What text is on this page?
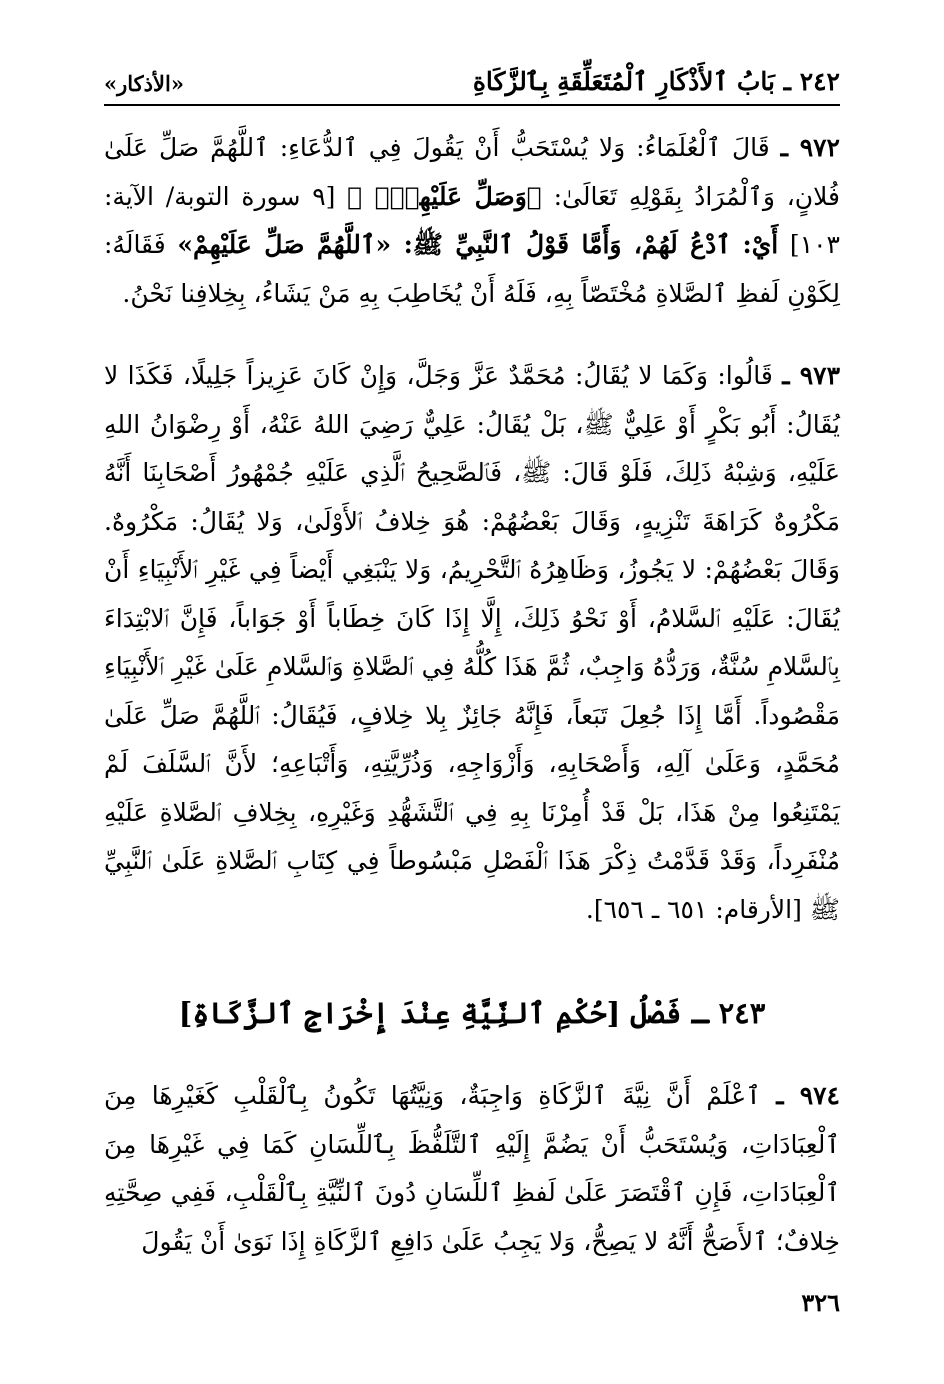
٢٤٢ ـ بَابُ ٱلأَذْكَارِ ٱلْمُتَعَلِّقَةِ بِٱلزَّكَاةِ
«الأذكار»

٩٧٢ ـ قَالَ ٱلْعُلَمَاءُ: وَلا يُسْتَحَبُّ أَنْ يَقُولَ فِي ٱلدُّعَاءِ: ٱللَّهُمَّ صَلِّ عَلَىٰ فُلانٍ، وَٱلْمُرَادُ بِقَوْلِهِ تَعَالَىٰ: ﴿وَصَلِّ عَلَيْهِمْۖ ﴾ [٩ سورة التوبة/ الآية: ١٠٣] أَيْ: ٱدْعُ لَهُمْ، وَأَمَّا قَوْلُ ٱلنَّبِيِّ ﷺ: «ٱللَّهُمَّ صَلِّ عَلَيْهِمْ» فَقَالَهُ: لِكَوْنِ لَفظِ ٱلصَّلاةِ مُخْتَصّاً بِهِ، فَلَهُ أَنْ يُخَاطِبَ بِهِ مَنْ يَشَاءُ، بِخِلافِنا نَحْنُ.

٩٧٣ ـ قَالُوا: وَكَمَا لا يُقَالُ: مُحَمَّدٌ عَزَّ وَجَلَّ، وَإِنْ كَانَ عَزِيزاً جَلِيلًا، فَكَذَا لا يُقَالُ: أَبُو بَكْرٍ أَوْ عَلِيٌّ ﷺ، بَلْ يُقَالُ: عَلِيٌّ رَضِيَ اللهُ عَنْهُ، أَوْ رِضْوَانُ اللهِ عَلَيْهِ، وَشِبْهُ ذَلِكَ، فَلَوْ قَالَ: ﷺ، فَٱلصَّحِيحُ ٱلَّذِي عَلَيْهِ جُمْهُورُ أَصْحَابِنَا أَنَّهُ مَكْرُوهٌ كَرَاهَةَ تَنْزِيهٍ، وَقَالَ بَعْضُهُمْ: هُوَ خِلافُ ٱلأَوْلَىٰ، وَلا يُقَالُ: مَكْرُوهٌ. وَقَالَ بَعْضُهُمْ: لا يَجُوزُ، وَظَاهِرُهُ ٱلتَّحْرِيمُ، وَلا يَنْبَغِي أَيْضاً فِي غَيْرِ ٱلأَنْبِيَاءِ أَنْ يُقَالَ: عَلَيْهِ ٱلسَّلامُ، أَوْ نَحْوُ ذَلِكَ، إِلَّا إِذَا كَانَ خِطَاباً أَوْ جَوَاباً، فَإِنَّ ٱلابْتِدَاءَ بِٱلسَّلامِ سُنَّةٌ، وَرَدُّهُ وَاجِبٌ، ثُمَّ هَذَا كُلُّهُ فِي ٱلصَّلاةِ وَٱلسَّلامِ عَلَىٰ غَيْرِ ٱلأَنْبِيَاءِ مَقْصُوداً. أَمَّا إِذَا جُعِلَ تَبَعاً، فَإِنَّهُ جَائِزٌ بِلا خِلافٍ، فَيُقَالُ: ٱللَّهُمَّ صَلِّ عَلَىٰ مُحَمَّدٍ، وَعَلَىٰ آلِهِ، وَأَصْحَابِهِ، وَأَزْوَاجِهِ، وَذُرِّيَّتِهِ، وَأَتْبَاعِهِ؛ لأَنَّ ٱلسَّلَفَ لَمْ يَمْتَنِعُوا مِنْ هَذَا، بَلْ قَدْ أُمِرْنَا بِهِ فِي ٱلتَّشَهُّدِ وَغَيْرِهِ، بِخِلافِ ٱلصَّلاةِ عَلَيْهِ مُنْفَرِداً، وَقَدْ قَدَّمْتُ ذِكْرَ هَذَا ٱلْفَصْلِ مَبْسُوطاً فِي كِتَابِ ٱلصَّلاةِ عَلَىٰ ٱلنَّبِيِّ ﷺ [الأرقام: ٦٥١ ـ ٦٥٦].

٢٤٣ ـ فَصْلُ [حُكْمِ ٱلنِّيَّةِ عِنْدَ إِخْرَاجِ ٱلزَّكَاةِ]

٩٧٤ ـ ٱعْلَمْ أَنَّ نِيَّةَ ٱلزَّكَاةِ وَاجِبَةٌ، وَنِيَّتُهَا تَكُونُ بِٱلْقَلْبِ كَغَيْرِهَا مِنَ ٱلْعِبَادَاتِ، وَيُسْتَحَبُّ أَنْ يَضُمَّ إِلَيْهِ ٱلتَّلَفُّظَ بِٱللِّسَانِ كَمَا فِي غَيْرِهَا مِنَ ٱلْعِبَادَاتِ، فَإِنِ ٱقْتَصَرَ عَلَىٰ لَفظِ ٱللِّسَانِ دُونَ ٱلنِّيَّةِ بِٱلْقَلْبِ، فَفِي صِحَّتِهِ خِلافٌ؛ ٱلأَصَحُّ أَنَّهُ لا يَصِحُّ، وَلا يَجِبُ عَلَىٰ دَافِعِ ٱلزَّكَاةِ إِذَا نَوَىٰ أَنْ يَقُولَ

٣٢٦
